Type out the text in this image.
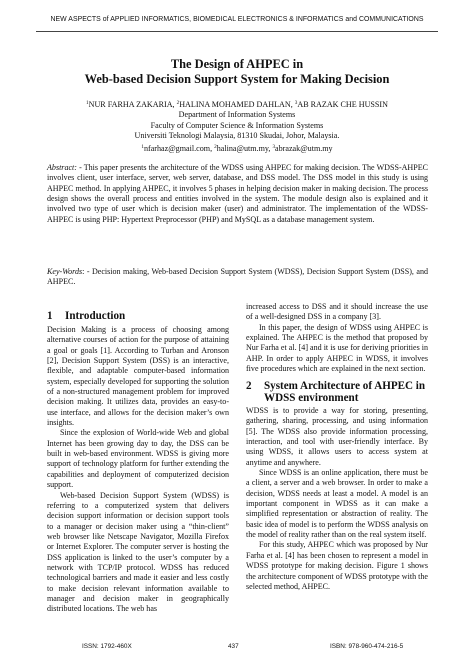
NEW ASPECTS of APPLIED INFORMATICS, BIOMEDICAL ELECTRONICS & INFORMATICS and COMMUNICATIONS
The Design of AHPEC in
Web-based Decision Support System for Making Decision
$^1$NUR FARHA ZAKARIA, $^2$HALINA MOHAMED DAHLAN, $^3$AB RAZAK CHE HUSSIN
Department of Information Systems
Faculty of Computer Science & Information Systems
Universiti Teknologi Malaysia, 81310 Skudai, Johor, Malaysia.
$^1$nfarhaz@gmail.com, $^2$halina@utm.my, $^3$abrazak@utm.my
Abstract: - This paper presents the architecture of the WDSS using AHPEC for making decision. The WDSS-AHPEC involves client, user interface, server, web server, database, and DSS model. The DSS model in this study is using AHPEC method. In applying AHPEC, it involves 5 phases in helping decision maker in making decision. The process design shows the overall process and entities involved in the system. The module design also is explained and it involved two type of user which is decision maker (user) and administrator. The implementation of the WDSS-AHPEC is using PHP: Hypertext Preprocessor (PHP) and MySQL as a database management system.
Key-Words: - Decision making, Web-based Decision Support System (WDSS), Decision Support System (DSS), and AHPEC.
1 Introduction

Decision Making is a process of choosing among alternative courses of action for the purpose of attaining a goal or goals [1]. According to Turban and Aronson [2], Decision Support System (DSS) is an interactive, flexible, and adaptable computer-based information system, especially developed for supporting the solution of a non-structured management problem for improved decision making. It utilizes data, provides an easy-to-use interface, and allows for the decision maker’s own insights.

Since the explosion of World-wide Web and global Internet has been growing day to day, the DSS can be built in web-based environment. WDSS is giving more support of technology platform for further extending the capabilities and deployment of computerized decision support.

Web-based Decision Support System (WDSS) is referring to a computerized system that delivers decision support information or decision support tools to a manager or decision maker using a “thin-client” web browser like Netscape Navigator, Mozilla Firefox or Internet Explorer. The computer server is hosting the DSS application is linked to the user’s computer by a network with TCP/IP protocol. WDSS has reduced technological barriers and made it easier and less costly to make decision relevant information available to manager and decision maker in geographically distributed locations. The web has

increased access to DSS and it should increase the use of a well-designed DSS in a company [3].

In this paper, the design of WDSS using AHPEC is explained. The AHPEC is the method that proposed by Nur Farha et al. [4] and it is use for deriving priorities in AHP. In order to apply AHPEC in WDSS, it involves five procedures which are explained in the next section.

2	System Architecture of AHPEC in WDSS environment

WDSS is to provide a way for storing, presenting, gathering, sharing, processing, and using information [5]. The WDSS also provide information processing, interaction, and tool with user-friendly interface. By using WDSS, it allows users to access system at anytime and anywhere.

Since WDSS is an online application, there must be a client, a server and a web browser. In order to make a decision, WDSS needs at least a model. A model is an important component in WDSS as it can make a simplified representation or abstraction of reality. The basic idea of model is to perform the WDSS analysis on the model of reality rather than on the real system itself.

For this study, AHPEC which was proposed by Nur Farha et al. [4] has been chosen to represent a model in WDSS prototype for making decision. Figure 1 shows the architecture component of WDSS prototype with the selected method, AHPEC.

ISSN: 1792-460X	437	ISBN: 978-960-474-216-5
